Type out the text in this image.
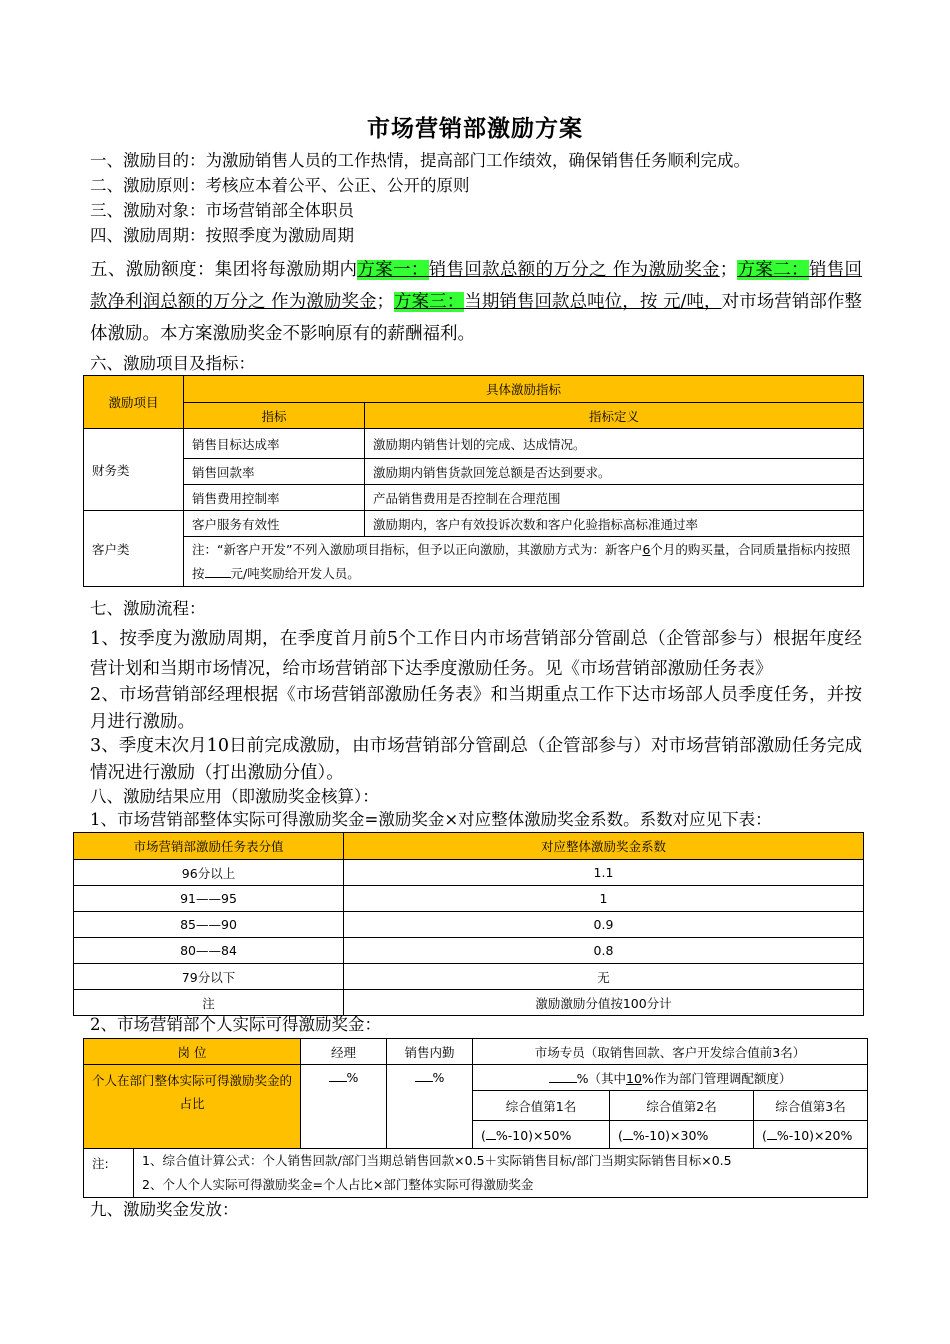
市场营销部激励方案
一、激励目的：为激励销售人员的工作热情，提高部门工作绩效，确保销售任务顺利完成。
二、激励原则：考核应本着公平、公正、公开的原则
三、激励对象：市场营销部全体职员
四、激励周期：按照季度为激励周期
五、激励额度：集团将每激励期内方案一：销售回款总额的万分之 作为激励奖金；方案二：销售回款净利润总额的万分之 作为激励奖金；方案三：当期销售回款总吨位，按 元/吨，对市场营销部作整体激励。本方案激励奖金不影响原有的薪酬福利。
六、激励项目及指标：
激励项目	具体激励指标	
	指标	指标定义
财务类	销售目标达成率	激励期内销售计划的完成、达成情况。
	销售回款率	激励期内销售货款回笼总额是否达到要求。
	销售费用控制率	产品销售费用是否控制在合理范围
客户类	客户服务有效性	激励期内，客户有效投诉次数和客户化验指标高标准通过率
	注：“新客户开发”不列入激励项目指标，但予以正向激励，其激励方式为：新客户6个月的购买量，合同质量指标内按照按 元/吨奖励给开发人员。	
七、激励流程：
1、按季度为激励周期，在季度首月前5个工作日内市场营销部分管副总（企管部参与）根据年度经营计划和当期市场情况，给市场营销部下达季度激励任务。见《市场营销部激励任务表》
2、市场营销部经理根据《市场营销部激励任务表》和当期重点工作下达市场部人员季度任务，并按月进行激励。
3、季度末次月10日前完成激励，由市场营销部分管副总（企管部参与）对市场营销部激励任务完成情况进行激励（打出激励分值）。
八、激励结果应用（即激励奖金核算）：
1、市场营销部整体实际可得激励奖金=激励奖金×对应整体激励奖金系数。系数对应见下表：
市场营销部激励任务表分值	对应整体激励奖金系数
96分以上	1.1
91——95	1
85——90	0.9
80——84	0.8
79分以下	无
注	激励激励分值按100分计
2、市场营销部个人实际可得激励奖金：
岗 位		经理	销售内勤	市场专员（取销售回款、客户开发综合值前3名）		
个人在部门整体实际可得激励奖金的占比		%	%	%（其中10%作为部门管理调配额度）		
				综合值第1名	综合值第2名	综合值第3名
				( %-10)×50%	( %-10)×30%	( %-10)×20%
注:	1、综合值计算公式：个人销售回款/部门当期总销售回款×0.5＋实际销售目标/部门当期实际销售目标×0.5
2、个人个人实际可得激励奖金=个人占比×部门整体实际可得激励奖金					
九、激励奖金发放：
